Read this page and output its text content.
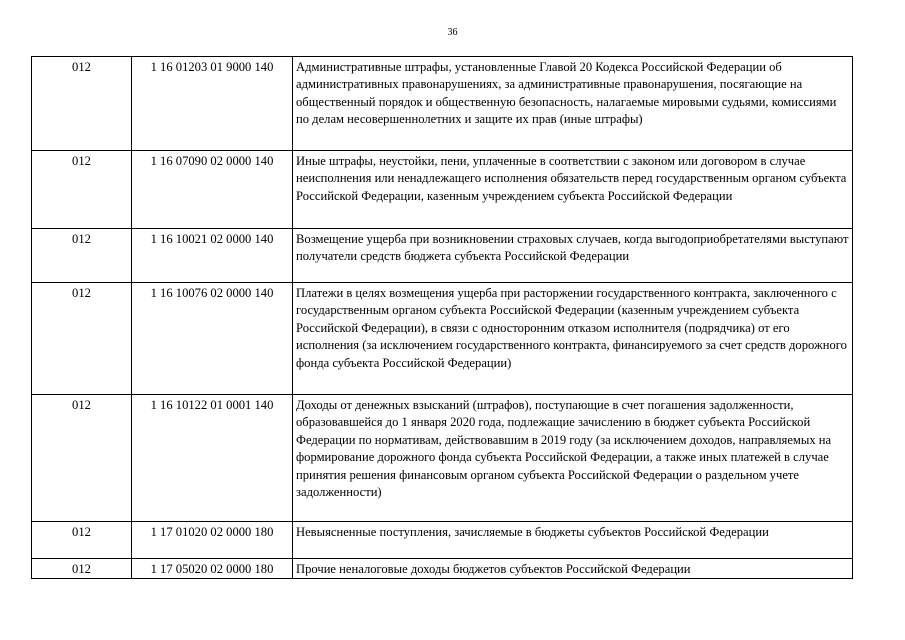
36
012	1 16 01203 01 9000 140	Административные штрафы, установленные Главой 20 Кодекса Российской Федерации об административных правонарушениях, за административные правонарушения, посягающие на общественный порядок и общественную безопасность, налагаемые мировыми судьями, комиссиями по делам несовершеннолетних и защите их прав (иные штрафы)
012	1 16 07090 02 0000 140	Иные штрафы, неустойки, пени, уплаченные в соответствии с законом или договором в случае неисполнения или ненадлежащего исполнения обязательств перед государственным органом субъекта Российской Федерации, казенным учреждением субъекта Российской Федерации
012	1 16 10021 02 0000 140	Возмещение ущерба при возникновении страховых случаев, когда выгодоприобретателями выступают получатели средств бюджета субъекта Российской Федерации
012	1 16 10076 02 0000 140	Платежи в целях возмещения ущерба при расторжении государственного контракта, заключенного с государственным органом субъекта Российской Федерации (казенным учреждением субъекта Российской Федерации), в связи с односторонним отказом исполнителя (подрядчика) от его исполнения (за исключением государственного контракта, финансируемого за счет средств дорожного фонда субъекта Российской Федерации)
012	1 16 10122 01 0001 140	Доходы от денежных взысканий (штрафов), поступающие в счет погашения задолженности, образовавшейся до 1 января 2020 года, подлежащие зачислению в бюджет субъекта Российской Федерации по нормативам, действовавшим в 2019 году (за исключением доходов, направляемых на формирование дорожного фонда субъекта Российской Федерации, а также иных платежей в случае принятия решения финансовым органом субъекта Российской Федерации о раздельном учете задолженности)
012	1 17 01020 02 0000 180	Невыясненные поступления, зачисляемые в бюджеты субъектов Российской Федерации
012	1 17 05020 02 0000 180	Прочие неналоговые доходы бюджетов субъектов Российской Федерации
